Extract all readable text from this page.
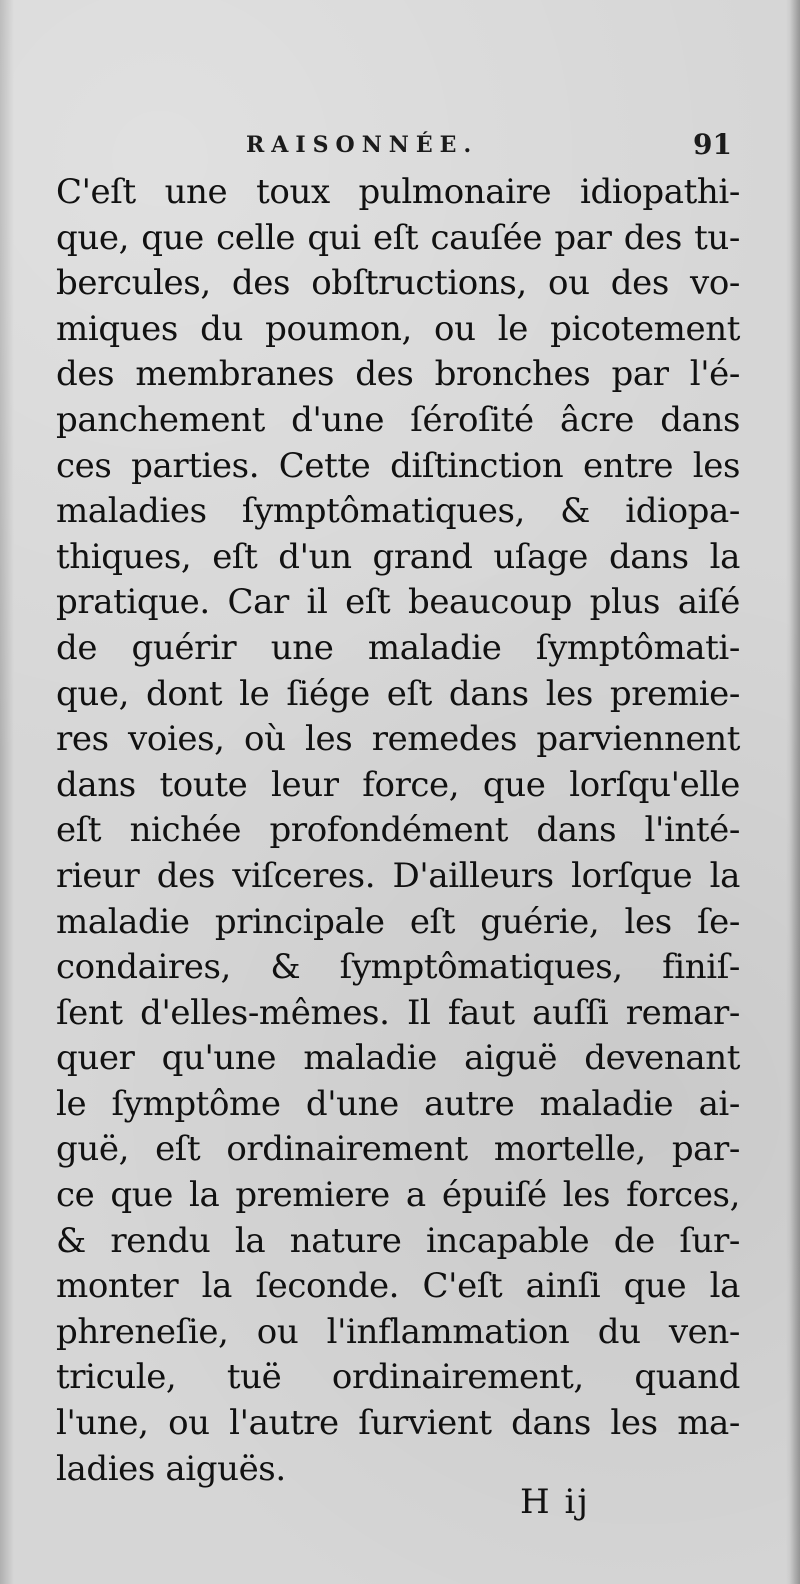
RAISONNÉE.	91
C'eſt une toux pulmonaire idiopathi-
que, que celle qui eſt cauſée par des tu-
bercules, des obſtructions, ou des vo-
miques du poumon, ou le picotement
des membranes des bronches par l'é-
panchement d'une ſéroſité âcre dans
ces parties. Cette diſtinction entre les
maladies ſymptômatiques, & idiopa-
thiques, eſt d'un grand uſage dans la
pratique. Car il eſt beaucoup plus aiſé
de guérir une maladie ſymptômati-
que, dont le ſiége eſt dans les premie-
res voies, où les remedes parviennent
dans toute leur force, que lorſqu'elle
eſt nichée profondément dans l'inté-
rieur des viſceres. D'ailleurs lorſque la
maladie principale eſt guérie, les ſe-
condaires, & ſymptômatiques, finiſ-
ſent d'elles-mêmes. Il faut auſſi remar-
quer qu'une maladie aiguë devenant
le ſymptôme d'une autre maladie ai-
guë, eſt ordinairement mortelle, par-
ce que la premiere a épuiſé les forces,
& rendu la nature incapable de ſur-
monter la ſeconde. C'eſt ainſi que la
phreneſie, ou l'inflammation du ven-
tricule, tuë ordinairement, quand
l'une, ou l'autre ſurvient dans les ma-
ladies aiguës.
H ij
